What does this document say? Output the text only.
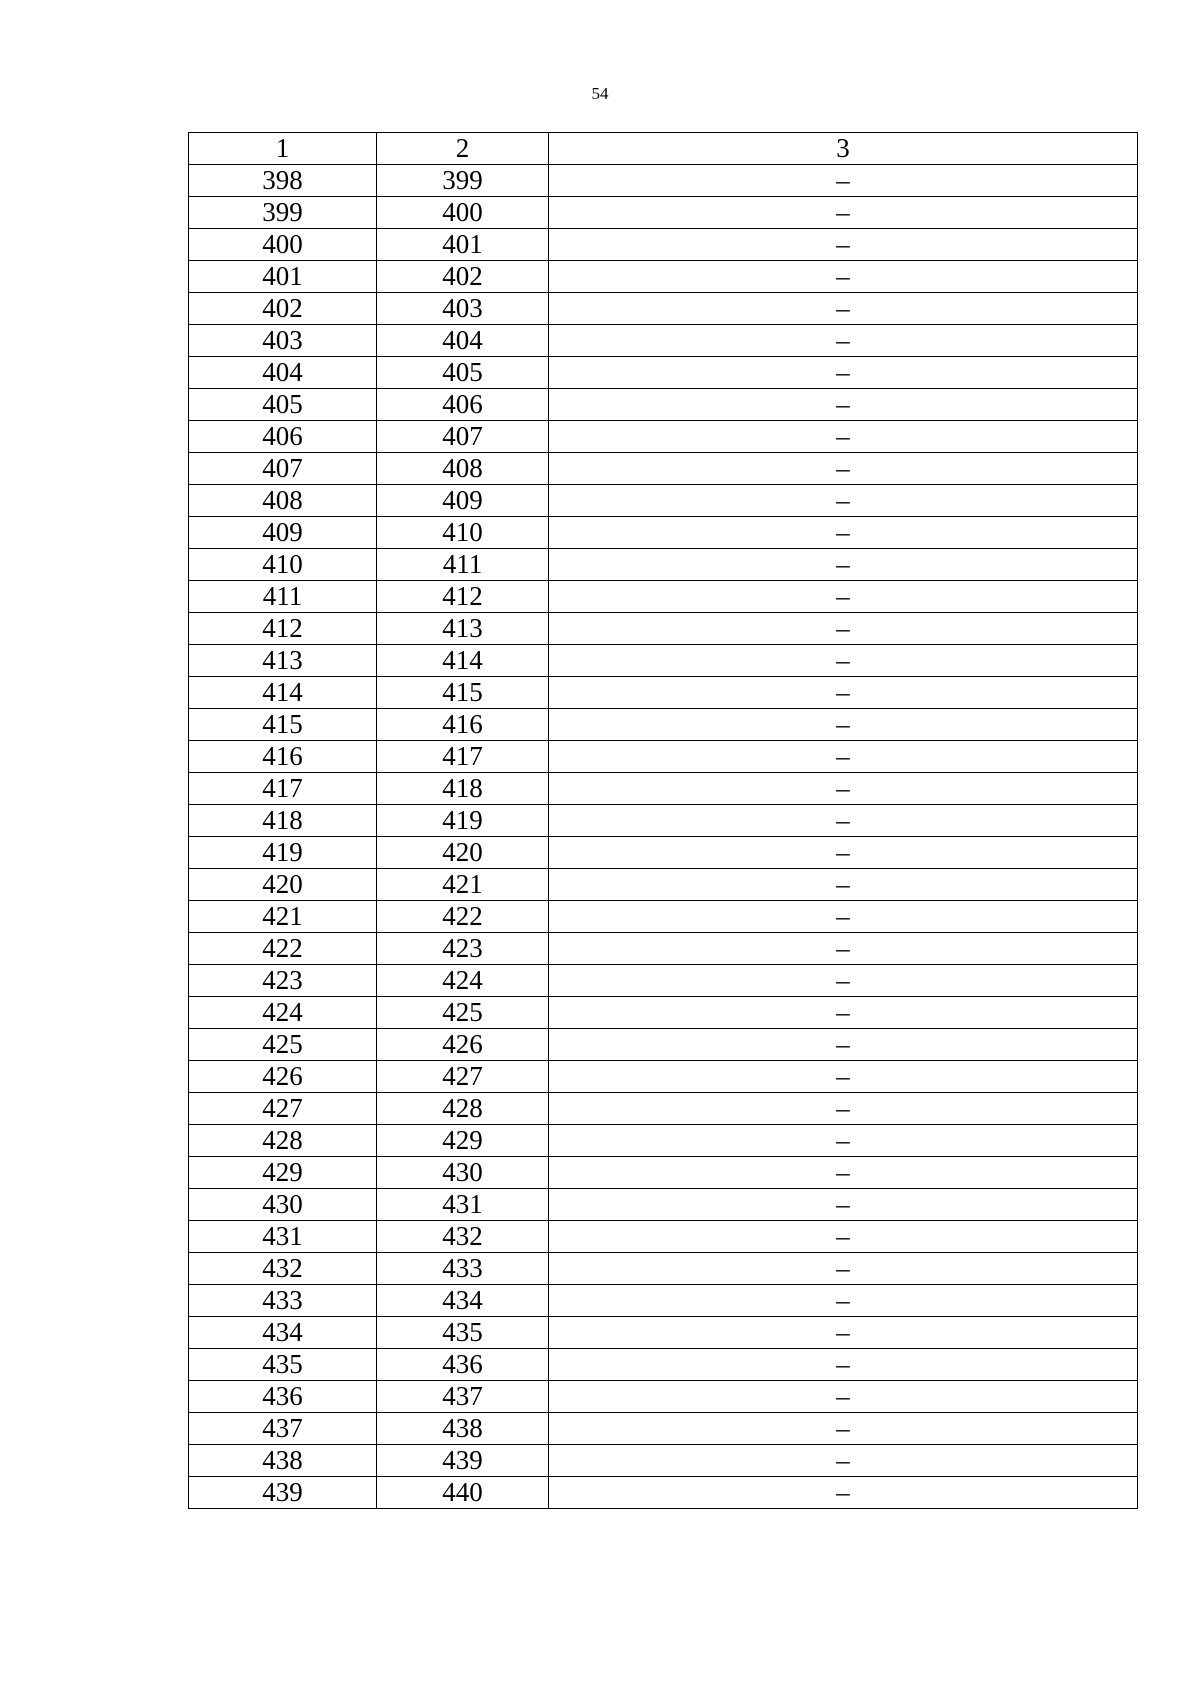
54
1	2	3
398	399	–
399	400	–
400	401	–
401	402	–
402	403	–
403	404	–
404	405	–
405	406	–
406	407	–
407	408	–
408	409	–
409	410	–
410	411	–
411	412	–
412	413	–
413	414	–
414	415	–
415	416	–
416	417	–
417	418	–
418	419	–
419	420	–
420	421	–
421	422	–
422	423	–
423	424	–
424	425	–
425	426	–
426	427	–
427	428	–
428	429	–
429	430	–
430	431	–
431	432	–
432	433	–
433	434	–
434	435	–
435	436	–
436	437	–
437	438	–
438	439	–
439	440	–
